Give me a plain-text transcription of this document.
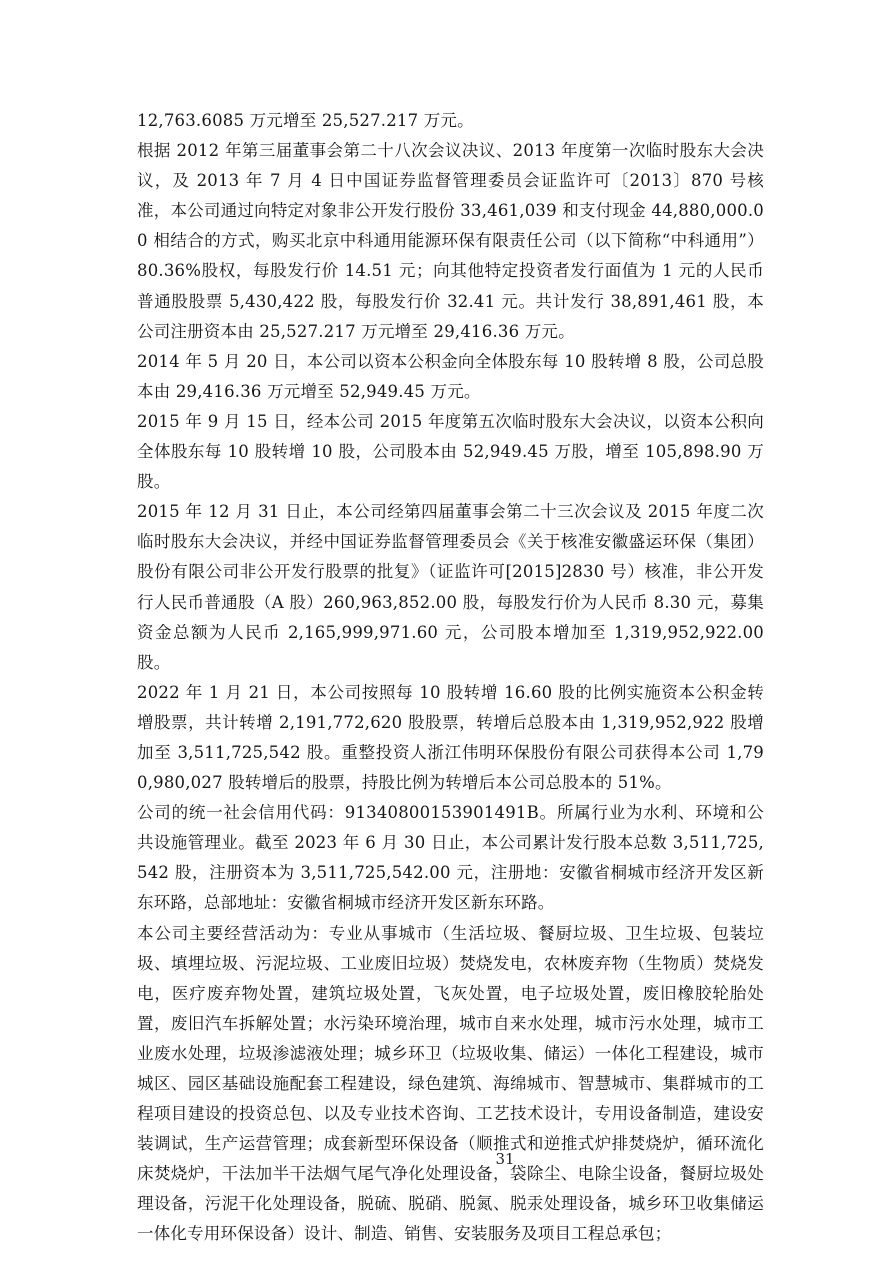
12,763.6085 万元增至 25,527.217 万元。

根据 2012 年第三届董事会第二十八次会议决议、2013 年度第一次临时股东大会决议，及 2013 年 7 月 4 日中国证券监督管理委员会证监许可〔2013〕870 号核准，本公司通过向特定对象非公开发行股份 33,461,039 和支付现金 44,880,000.00 相结合的方式，购买北京中科通用能源环保有限责任公司（以下简称“中科通用”）80.36%股权，每股发行价 14.51 元；向其他特定投资者发行面值为 1 元的人民币普通股股票 5,430,422 股，每股发行价 32.41 元。共计发行 38,891,461 股，本公司注册资本由 25,527.217 万元增至 29,416.36 万元。

2014 年 5 月 20 日，本公司以资本公积金向全体股东每 10 股转增 8 股，公司总股本由 29,416.36 万元增至 52,949.45 万元。

2015 年 9 月 15 日，经本公司 2015 年度第五次临时股东大会决议，以资本公积向全体股东每 10 股转增 10 股，公司股本由 52,949.45 万股，增至 105,898.90 万股。

2015 年 12 月 31 日止，本公司经第四届董事会第二十三次会议及 2015 年度二次临时股东大会决议，并经中国证券监督管理委员会《关于核准安徽盛运环保（集团）股份有限公司非公开发行股票的批复》（证监许可[2015]2830 号）核准，非公开发行人民币普通股（A 股）260,963,852.00 股，每股发行价为人民币 8.30 元，募集资金总额为人民币 2,165,999,971.60 元，公司股本增加至 1,319,952,922.00 股。

2022 年 1 月 21 日，本公司按照每 10 股转增 16.60 股的比例实施资本公积金转增股票，共计转增 2,191,772,620 股股票，转增后总股本由 1,319,952,922 股增加至 3,511,725,542 股。重整投资人浙江伟明环保股份有限公司获得本公司 1,790,980,027 股转增后的股票，持股比例为转增后本公司总股本的 51%。

公司的统一社会信用代码：91340800153901491B。所属行业为水利、环境和公共设施管理业。截至 2023 年 6 月 30 日止，本公司累计发行股本总数 3,511,725,542 股，注册资本为 3,511,725,542.00 元，注册地：安徽省桐城市经济开发区新东环路，总部地址：安徽省桐城市经济开发区新东环路。

本公司主要经营活动为：专业从事城市（生活垃圾、餐厨垃圾、卫生垃圾、包装垃圾、填埋垃圾、污泥垃圾、工业废旧垃圾）焚烧发电，农林废弃物（生物质）焚烧发电，医疗废弃物处置，建筑垃圾处置，飞灰处置，电子垃圾处置，废旧橡胶轮胎处置，废旧汽车拆解处置；水污染环境治理，城市自来水处理，城市污水处理，城市工业废水处理，垃圾渗滤液处理；城乡环卫（垃圾收集、储运）一体化工程建设，城市城区、园区基础设施配套工程建设，绿色建筑、海绵城市、智慧城市、集群城市的工程项目建设的投资总包、以及专业技术咨询、工艺技术设计，专用设备制造，建设安装调试，生产运营管理；成套新型环保设备（顺推式和逆推式炉排焚烧炉，循环流化床焚烧炉，干法加半干法烟气尾气净化处理设备，袋除尘、电除尘设备，餐厨垃圾处理设备，污泥干化处理设备，脱硫、脱硝、脱氮、脱汞处理设备，城乡环卫收集储运一体化专用环保设备）设计、制造、销售、安装服务及项目工程总承包；

31
